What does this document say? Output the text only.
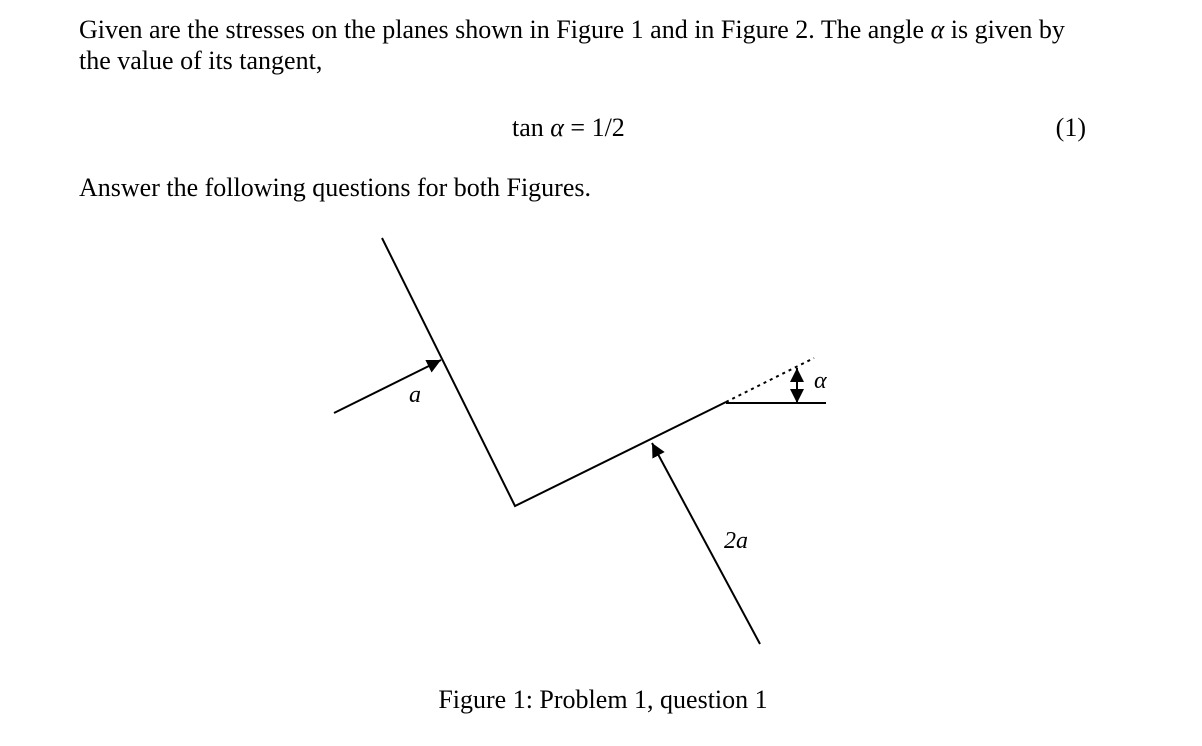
Given are the stresses on the planes shown in Figure 1 and in Figure 2. The angle α is given by the value of its tangent,

tan α = 1/2	(1)

Answer the following questions for both Figures.

a
2a
α
Figure 1: Problem 1, question 1
